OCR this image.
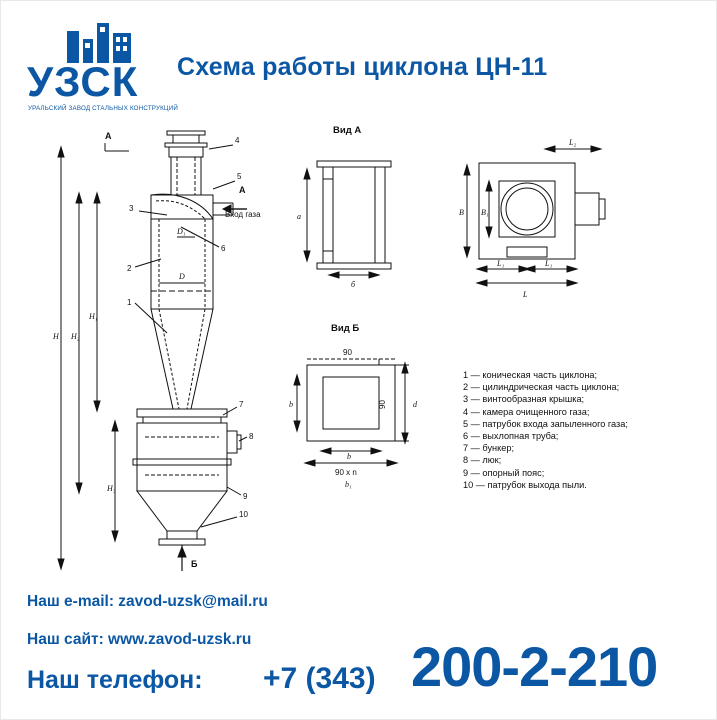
УЗСК
УРАЛЬСКИЙ ЗАВОД СТАЛЬНЫХ КОНСТРУКЦИЙ
Схема работы циклона ЦН-11
А
А
Б
Вход газа
4
5
3
6
2
1
7
8
9
10
H H₂
H₁
H₃
D
D₁
Вид А
a
б
Вид Б
90
90	d
b
b
90 x n
b₁
L₂
B B₁
L₁	L₁
L
1 — коническая часть циклона;
2 — цилиндрическая часть циклона;
3 — винтообразная крышка;
4 — камера очищенного газа;
5 — патрубок входа запыленного газа;
6 — выхлопная труба;
7 — бункер;
8 — люк;
9 — опорный пояс;
10 — патрубок выхода пыли.
Наш e-mail: zavod-uzsk@mail.ru
Наш сайт: www.zavod-uzsk.ru
Наш телефон: +7 (343) 200-2-210
